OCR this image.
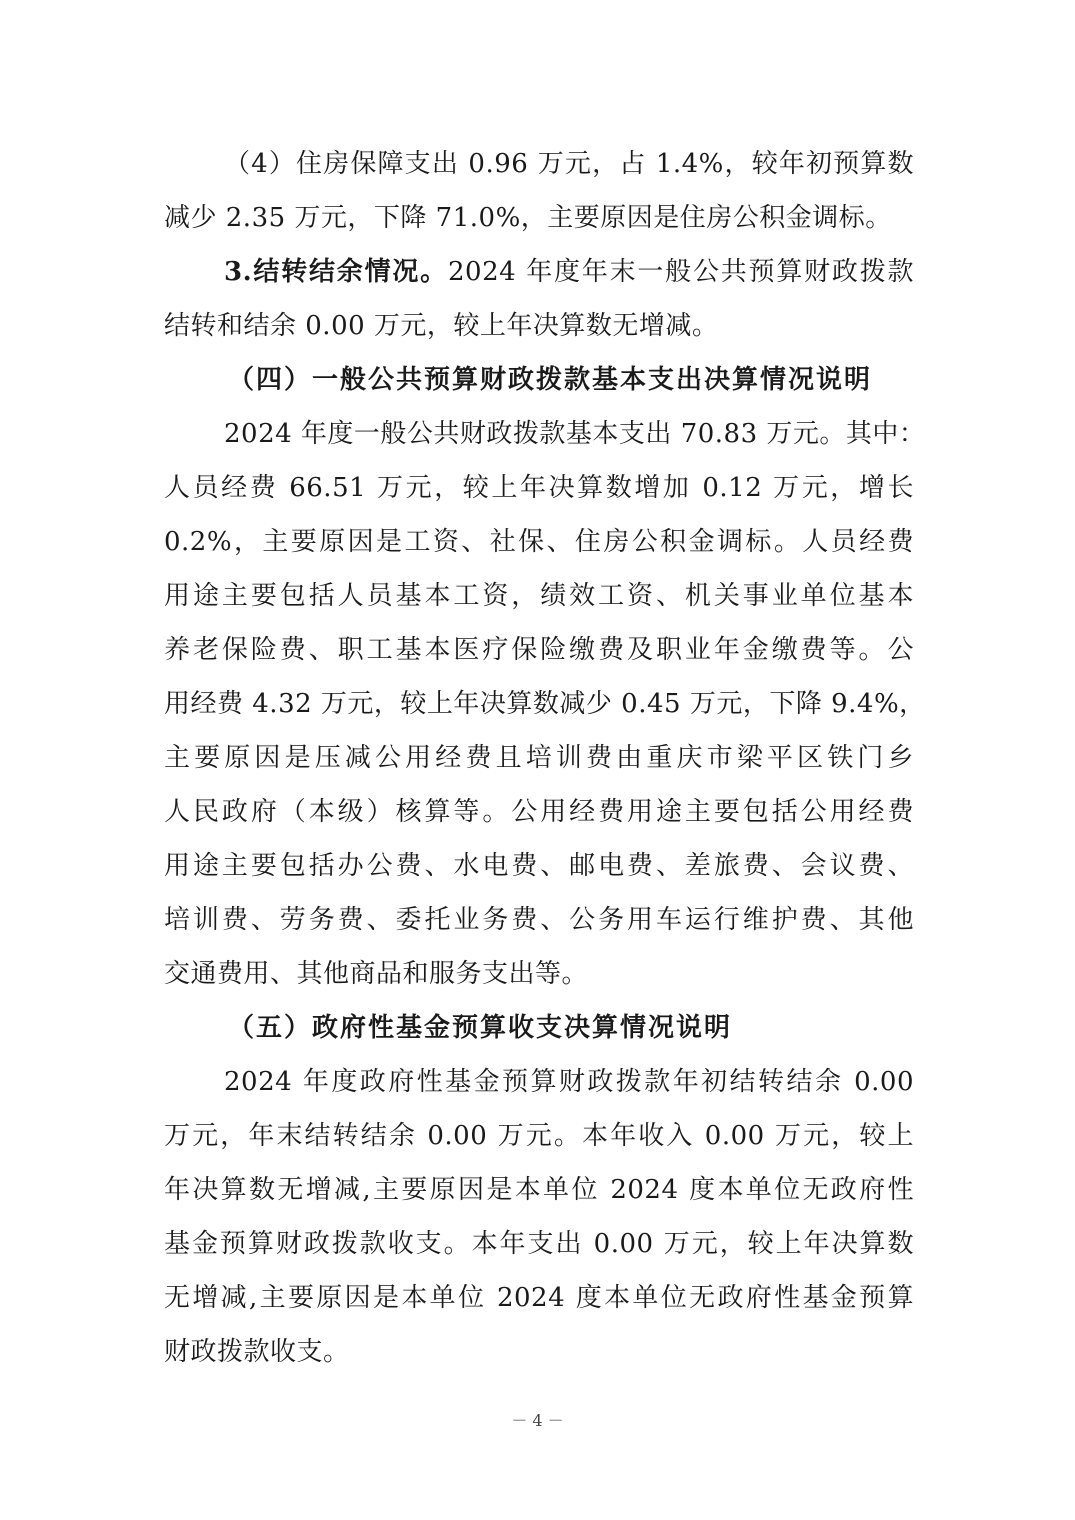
（4）住房保障支出 0.96 万元，占 1.4%，较年初预算数
减少 2.35 万元，下降 71.0%，主要原因是住房公积金调标。
3.结转结余情况。2024 年度年末一般公共预算财政拨款
结转和结余 0.00 万元，较上年决算数无增减。
（四）一般公共预算财政拨款基本支出决算情况说明
2024 年度一般公共财政拨款基本支出 70.83 万元。其中：
人员经费 66.51 万元，较上年决算数增加 0.12 万元，增长
0.2%，主要原因是工资、社保、住房公积金调标。人员经费
用途主要包括人员基本工资，绩效工资、机关事业单位基本
养老保险费、职工基本医疗保险缴费及职业年金缴费等。公
用经费 4.32 万元，较上年决算数减少 0.45 万元，下降 9.4%，
主要原因是压减公用经费且培训费由重庆市梁平区铁门乡
人民政府（本级）核算等。公用经费用途主要包括公用经费
用途主要包括办公费、水电费、邮电费、差旅费、会议费、
培训费、劳务费、委托业务费、公务用车运行维护费、其他
交通费用、其他商品和服务支出等。
（五）政府性基金预算收支决算情况说明
2024 年度政府性基金预算财政拨款年初结转结余 0.00
万元，年末结转结余 0.00 万元。本年收入 0.00 万元，较上
年决算数无增减,主要原因是本单位 2024 度本单位无政府性
基金预算财政拨款收支。本年支出 0.00 万元，较上年决算数
无增减,主要原因是本单位 2024 度本单位无政府性基金预算
财政拨款收支。
－ 4 －
